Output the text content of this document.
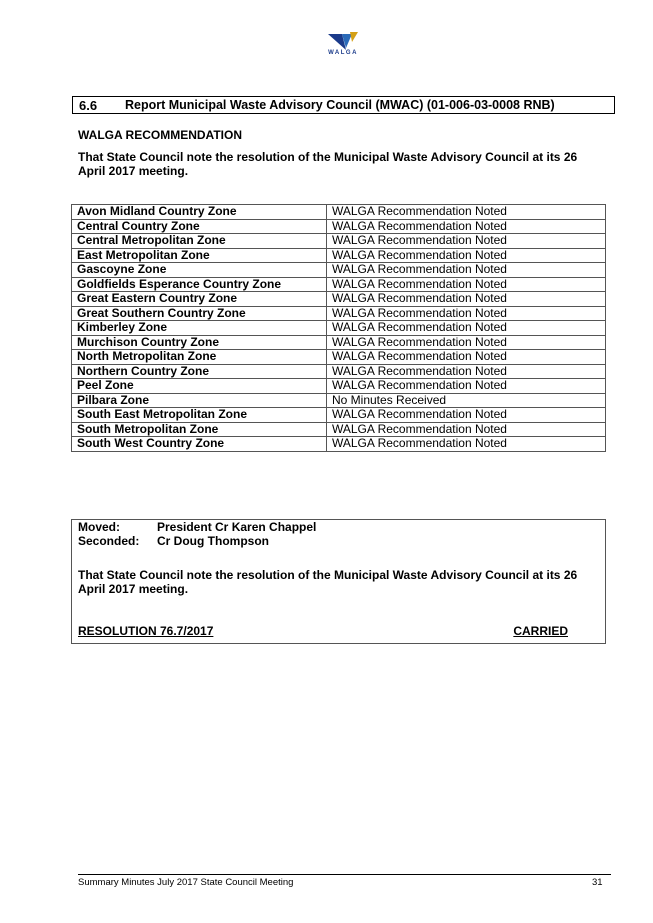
WALGA
6.6 Report Municipal Waste Advisory Council (MWAC) (01-006-03-0008 RNB)
WALGA RECOMMENDATION
That State Council note the resolution of the Municipal Waste Advisory Council at its 26 April 2017 meeting.
Avon Midland Country Zone	WALGA Recommendation Noted
Central Country Zone	WALGA Recommendation Noted
Central Metropolitan Zone	WALGA Recommendation Noted
East Metropolitan Zone	WALGA Recommendation Noted
Gascoyne Zone	WALGA Recommendation Noted
Goldfields Esperance Country Zone	WALGA Recommendation Noted
Great Eastern Country Zone	WALGA Recommendation Noted
Great Southern Country Zone	WALGA Recommendation Noted
Kimberley Zone	WALGA Recommendation Noted
Murchison Country Zone	WALGA Recommendation Noted
North Metropolitan Zone	WALGA Recommendation Noted
Northern Country Zone	WALGA Recommendation Noted
Peel Zone	WALGA Recommendation Noted
Pilbara Zone	No Minutes Received
South East Metropolitan Zone	WALGA Recommendation Noted
South Metropolitan Zone	WALGA Recommendation Noted
South West Country Zone	WALGA Recommendation Noted
Moved:	President Cr Karen Chappel
Seconded: Cr Doug Thompson
That State Council note the resolution of the Municipal Waste Advisory Council at its 26 April 2017 meeting.
RESOLUTION 76.7/2017	CARRIED
Summary Minutes July 2017 State Council Meeting	31
